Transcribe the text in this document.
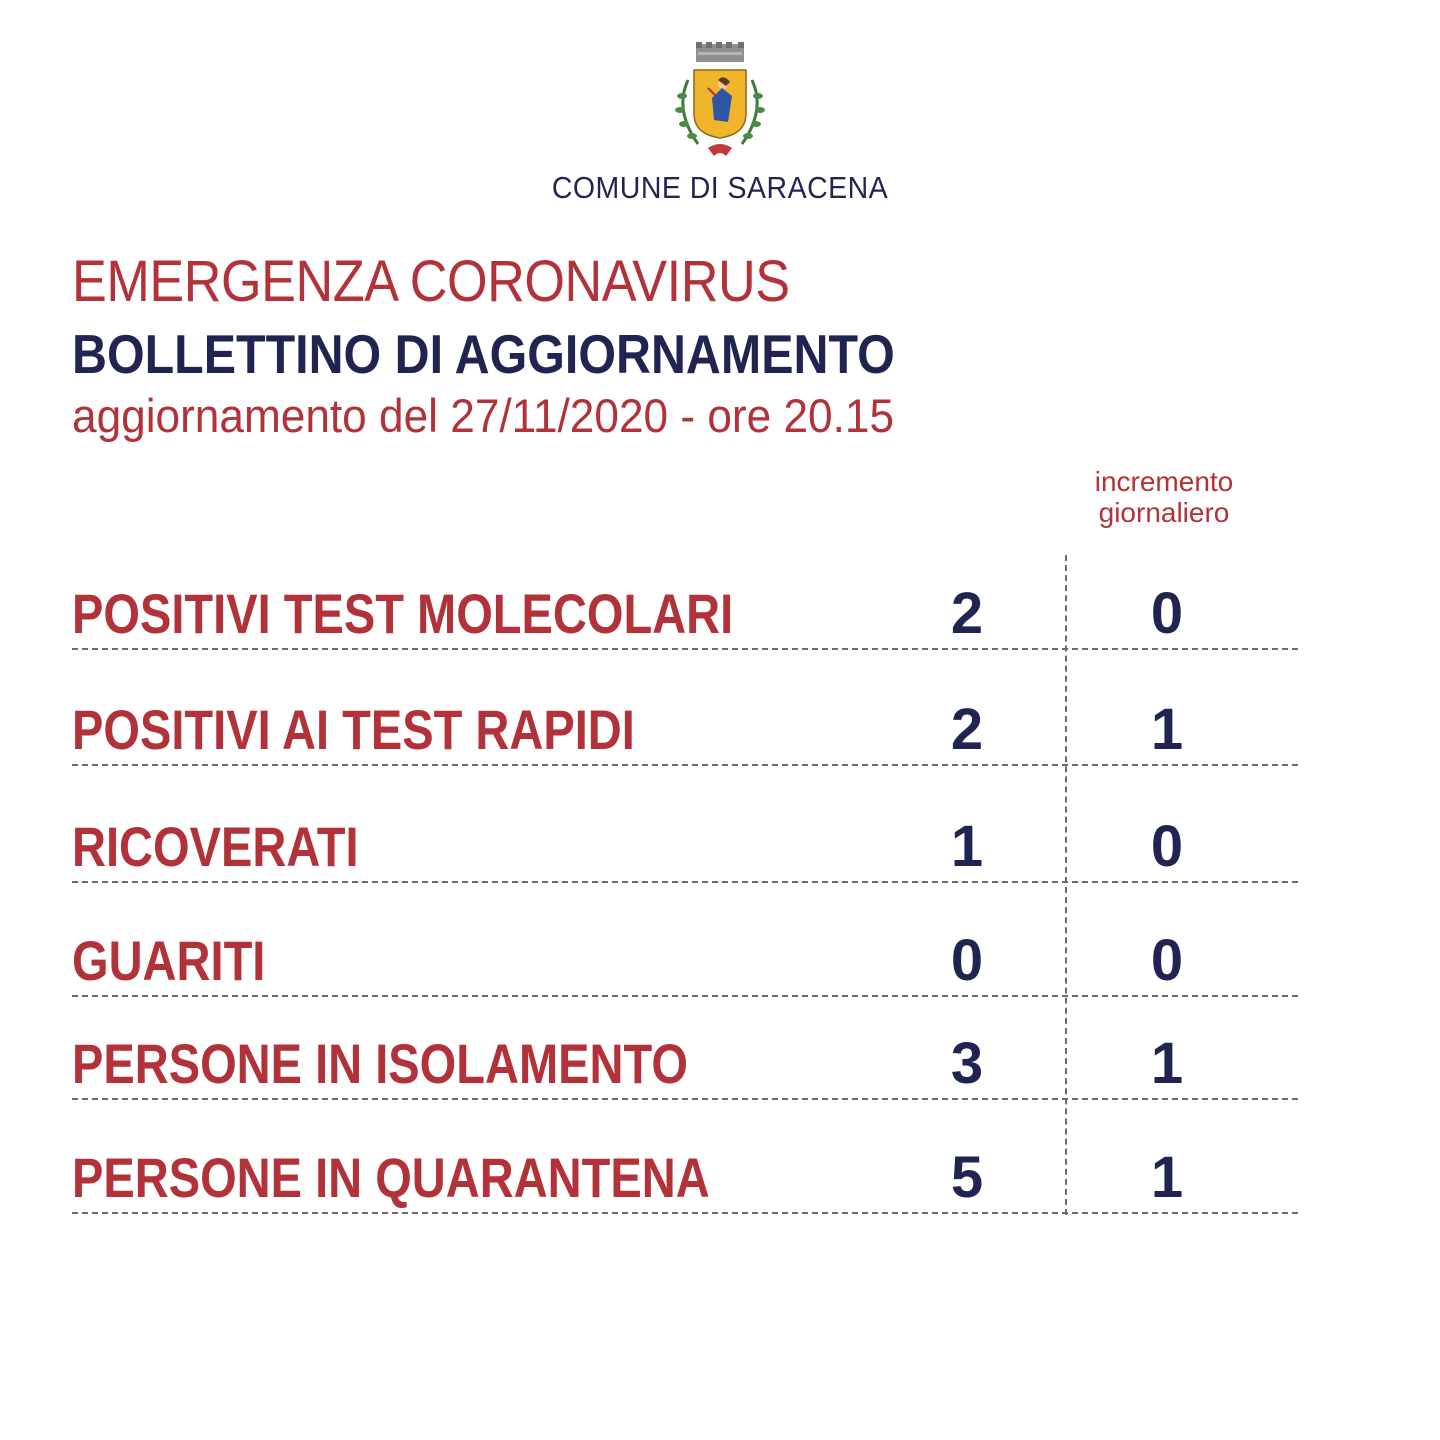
COMUNE DI SARACENA
EMERGENZA CORONAVIRUS
BOLLETTINO DI AGGIORNAMENTO
aggiornamento del 27/11/2020 - ore 20.15
incremento
giornaliero
POSITIVI TEST MOLECOLARI	2	0
POSITIVI AI TEST RAPIDI	2	1
RICOVERATI	1	0
GUARITI	0	0
PERSONE IN ISOLAMENTO	3	1
PERSONE IN QUARANTENA	5	1
